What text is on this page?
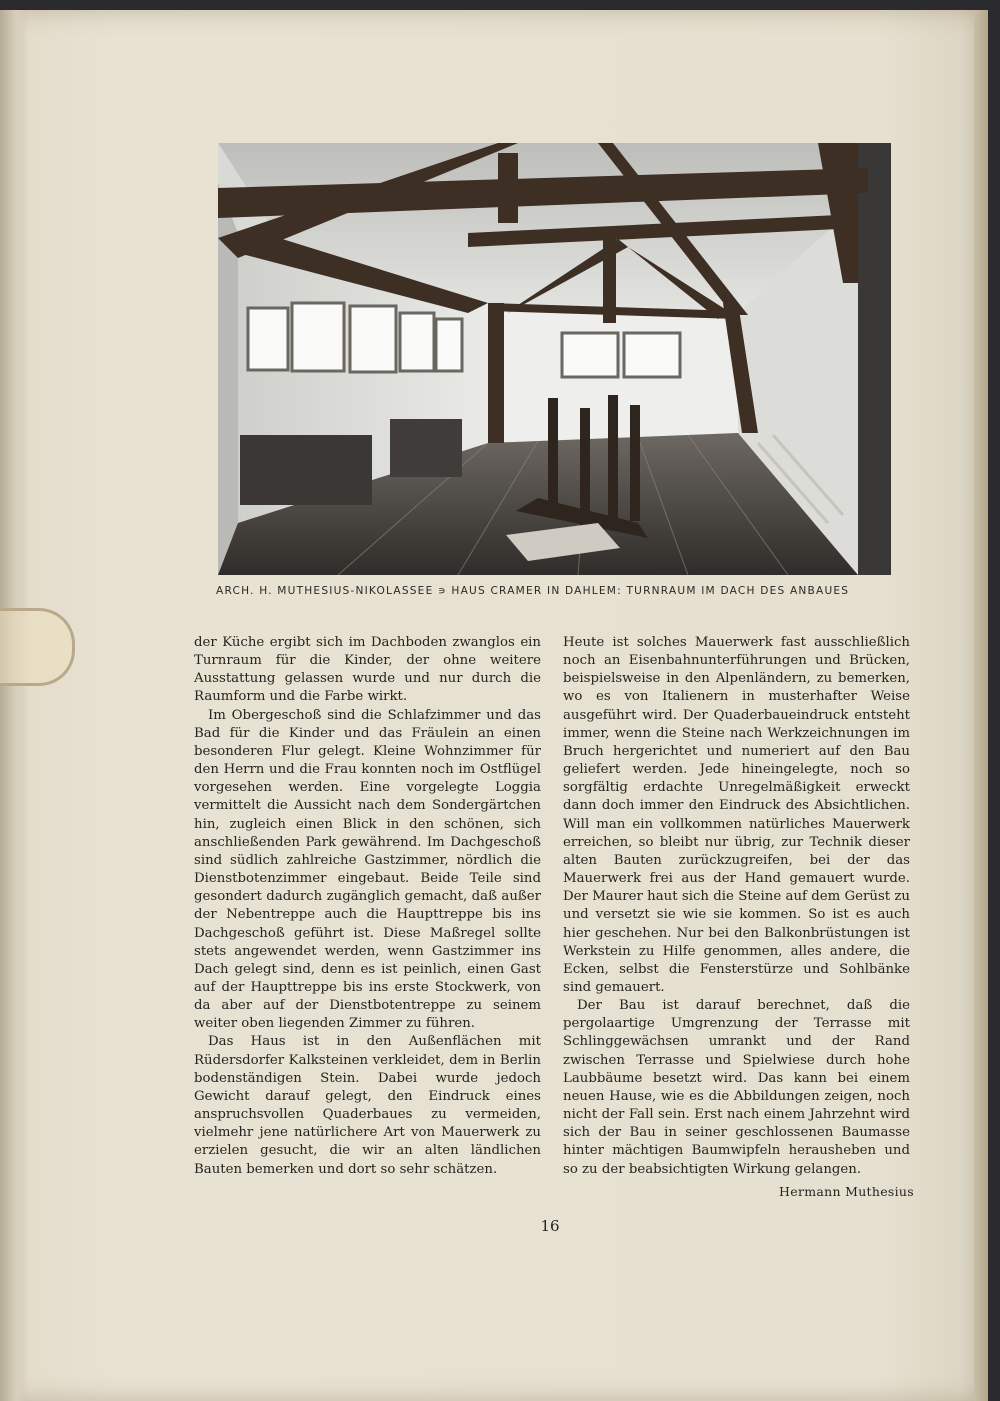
ARCH. H. MUTHESIUS-NIKOLASSEE ∍ HAUS CRAMER IN DAHLEM: TURNRAUM IM DACH DES ANBAUES

der Küche ergibt sich im Dachboden zwanglos ein Turnraum für die Kinder, der ohne weitere Ausstattung gelassen wurde und nur durch die Raumform und die Farbe wirkt.

Im Obergeschoß sind die Schlafzimmer und das Bad für die Kinder und das Fräulein an einen besonderen Flur gelegt. Kleine Wohnzimmer für den Herrn und die Frau konnten noch im Ostflügel vorgesehen werden. Eine vorgelegte Loggia vermittelt die Aussicht nach dem Sondergärtchen hin, zugleich einen Blick in den schönen, sich anschließenden Park gewährend. Im Dachgeschoß sind südlich zahlreiche Gastzimmer, nördlich die Dienstbotenzimmer eingebaut. Beide Teile sind gesondert dadurch zugänglich gemacht, daß außer der Nebentreppe auch die Haupttreppe bis ins Dachgeschoß geführt ist. Diese Maßregel sollte stets angewendet werden, wenn Gastzimmer ins Dach gelegt sind, denn es ist peinlich, einen Gast auf der Haupttreppe bis ins erste Stockwerk, von da aber auf der Dienstbotentreppe zu seinem weiter oben liegenden Zimmer zu führen.

Das Haus ist in den Außenflächen mit Rüdersdorfer Kalksteinen verkleidet, dem in Berlin bodenständigen Stein. Dabei wurde jedoch Gewicht darauf gelegt, den Eindruck eines anspruchsvollen Quaderbaues zu vermeiden, vielmehr jene natürlichere Art von Mauerwerk zu erzielen gesucht, die wir an alten ländlichen Bauten bemerken und dort so sehr schätzen.

Heute ist solches Mauerwerk fast ausschließlich noch an Eisenbahnunterführungen und Brücken, beispielsweise in den Alpenländern, zu bemerken, wo es von Italienern in musterhafter Weise ausgeführt wird. Der Quaderbaueindruck entsteht immer, wenn die Steine nach Werkzeichnungen im Bruch hergerichtet und numeriert auf den Bau geliefert werden. Jede hineingelegte, noch so sorgfältig erdachte Unregelmäßigkeit erweckt dann doch immer den Eindruck des Absichtlichen. Will man ein vollkommen natürliches Mauerwerk erreichen, so bleibt nur übrig, zur Technik dieser alten Bauten zurückzugreifen, bei der das Mauerwerk frei aus der Hand gemauert wurde. Der Maurer haut sich die Steine auf dem Gerüst zu und versetzt sie wie sie kommen. So ist es auch hier geschehen. Nur bei den Balkonbrüstungen ist Werkstein zu Hilfe genommen, alles andere, die Ecken, selbst die Fensterstürze und Sohlbänke sind gemauert.

Der Bau ist darauf berechnet, daß die pergolaartige Umgrenzung der Terrasse mit Schlinggewächsen umrankt und der Rand zwischen Terrasse und Spielwiese durch hohe Laubbäume besetzt wird. Das kann bei einem neuen Hause, wie es die Abbildungen zeigen, noch nicht der Fall sein. Erst nach einem Jahrzehnt wird sich der Bau in seiner geschlossenen Baumasse hinter mächtigen Baumwipfeln herausheben und so zu der beabsichtigten Wirkung gelangen.

Hermann Muthesius
16
